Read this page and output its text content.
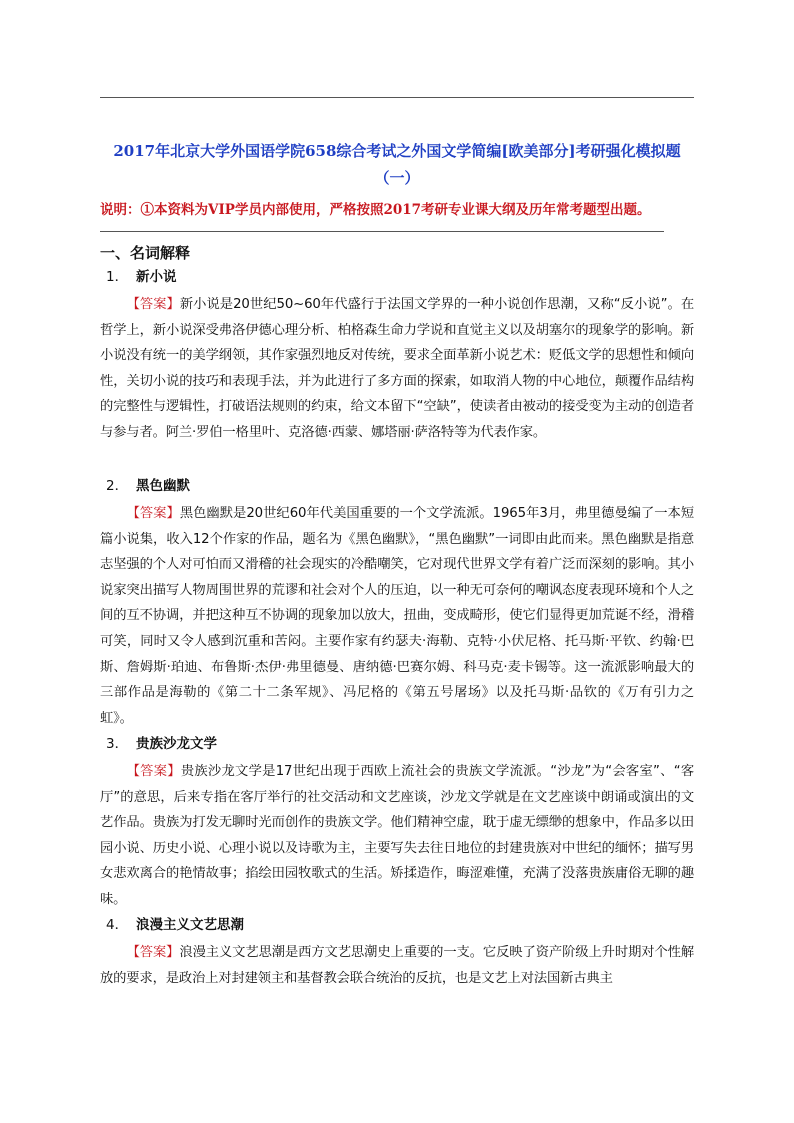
2017年北京大学外国语学院658综合考试之外国文学简编[欧美部分]考研强化模拟题
（一）
说明：①本资料为VIP学员内部使用，严格按照2017考研专业课大纲及历年常考题型出题。
一、名词解释
1． 新小说
【答案】新小说是20世纪50~60年代盛行于法国文学界的一种小说创作思潮，又称“反小说”。在哲学上，新小说深受弗洛伊德心理分析、柏格森生命力学说和直觉主义以及胡塞尔的现象学的影响。新小说没有统一的美学纲领，其作家强烈地反对传统，要求全面革新小说艺术：贬低文学的思想性和倾向性，关切小说的技巧和表现手法，并为此进行了多方面的探索，如取消人物的中心地位，颠覆作品结构的完整性与逻辑性，打破语法规则的约束，给文本留下“空缺”，使读者由被动的接受变为主动的创造者与参与者。阿兰·罗伯一格里叶、克洛德·西蒙、娜塔丽·萨洛特等为代表作家。
2． 黑色幽默
【答案】黑色幽默是20世纪60年代美国重要的一个文学流派。1965年3月，弗里德曼编了一本短篇小说集，收入12个作家的作品，题名为《黑色幽默》，“黑色幽默”一词即由此而来。黑色幽默是指意志坚强的个人对可怕而又滑稽的社会现实的冷酷嘲笑，它对现代世界文学有着广泛而深刻的影响。其小说家突出描写人物周围世界的荒谬和社会对个人的压迫，以一种无可奈何的嘲讽态度表现环境和个人之间的互不协调，并把这种互不协调的现象加以放大，扭曲，变成畸形，使它们显得更加荒诞不经，滑稽可笑，同时又令人感到沉重和苦闷。主要作家有约瑟夫·海勒、克特·小伏尼格、托马斯·平钦、约翰·巴斯、詹姆斯·珀迪、布鲁斯·杰伊·弗里德曼、唐纳德·巴赛尔姆、科马克·麦卡锡等。这一流派影响最大的三部作品是海勒的《第二十二条军规》、冯尼格的《第五号屠场》以及托马斯·品钦的《万有引力之虹》。
3． 贵族沙龙文学
【答案】贵族沙龙文学是17世纪出现于西欧上流社会的贵族文学流派。“沙龙”为“会客室”、“客厅”的意思，后来专指在客厅举行的社交活动和文艺座谈，沙龙文学就是在文艺座谈中朗诵或演出的文艺作品。贵族为打发无聊时光而创作的贵族文学。他们精神空虚，耽于虚无缥缈的想象中，作品多以田园小说、历史小说、心理小说以及诗歌为主，主要写失去往日地位的封建贵族对中世纪的缅怀；描写男女悲欢离合的艳情故事；掐绘田园牧歌式的生活。矫揉造作，晦涩难懂，充满了没落贵族庸俗无聊的趣味。
4． 浪漫主义文艺思潮
【答案】浪漫主义文艺思潮是西方文艺思潮史上重要的一支。它反映了资产阶级上升时期对个性解放的要求，是政治上对封建领主和基督教会联合统治的反抗，也是文艺上对法国新古典主
